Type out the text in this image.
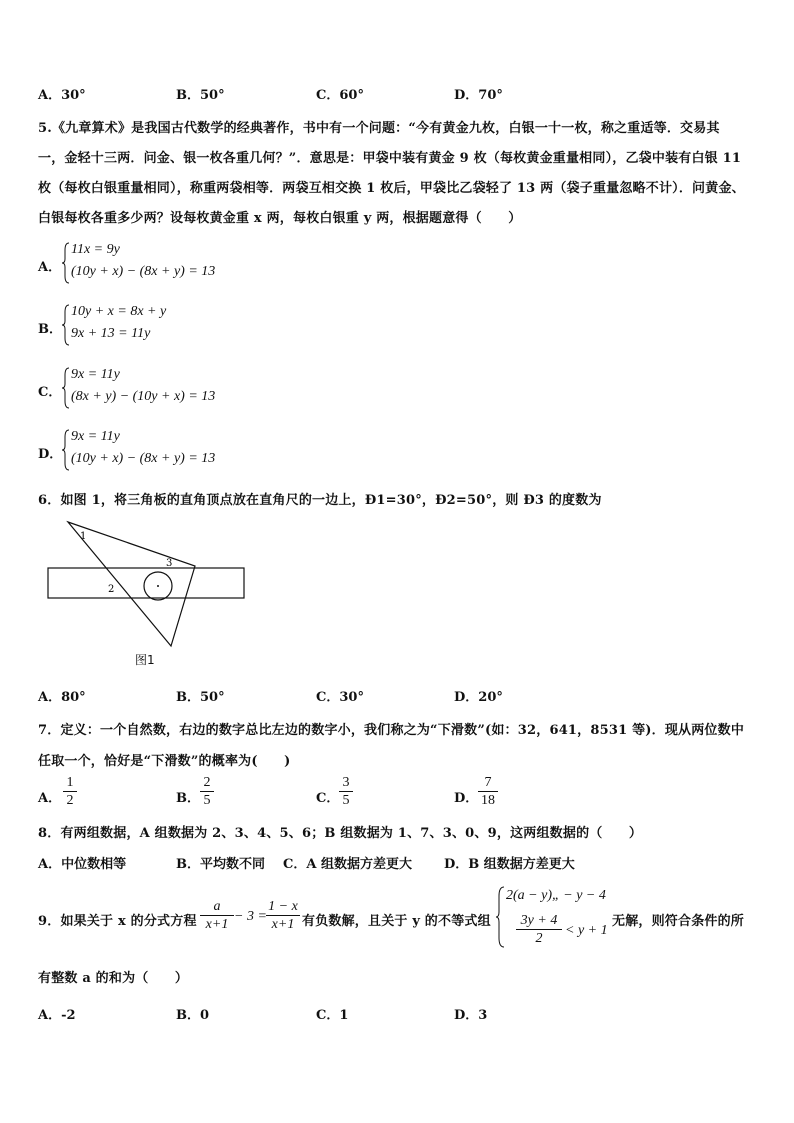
A．30°	B．50°	C．60°	D．70°
5.《九章算术》是我国古代数学的经典著作，书中有一个问题：“今有黄金九枚，白银一十一枚，称之重适等．交易其
一，金轻十三两．问金、银一枚各重几何？”．意思是：甲袋中装有黄金 9 枚（每枚黄金重量相同），乙袋中装有白银 11
枚（每枚白银重量相同），称重两袋相等．两袋互相交换 1 枚后，甲袋比乙袋轻了 13 两（袋子重量忽略不计）．问黄金、
白银每枚各重多少两？设每枚黄金重 x 两，每枚白银重 y 两，根据题意得（　　）
A．
11x = 9y
(10y + x) − (8x + y) = 13
B．
10y + x = 8x + y
9x + 13 = 11y
C．
9x = 11y
(8x + y) − (10y + x) = 13
D．
9x = 11y
(10y + x) − (8x + y) = 13
6．如图 1，将三角板的直角顶点放在直角尺的一边上，Ð1=30°，Ð2=50°，则 Ð3 的度数为
1
2
3
图1
A．80°	B．50°	C．30°	D．20°
7．定义：一个自然数，右边的数字总比左边的数字小，我们称之为“下滑数”(如：32，641，8531 等)．现从两位数中
任取一个，恰好是“下滑数”的概率为(　　)
A．
1
2	B．
2
5	C．
3
5	D．
7
18
8．有两组数据，A 组数据为 2、3、4、5、6；B 组数据为 1、7、3、0、9，这两组数据的（　　）
A．中位数相等	B．平均数不同 C．A 组数据方差更大 D．B 组数据方差更大
9．如果关于 x 的分式方程
a
x+1
− 3 =
1 − x
x+1 有负数解，且关于 y 的不等式组
2(a − y)„ − y − 4
3y + 4
2
< y + 1
无解，则符合条件的所
有整数 a 的和为（　　）
A．-2	B．0	C．1	D．3
